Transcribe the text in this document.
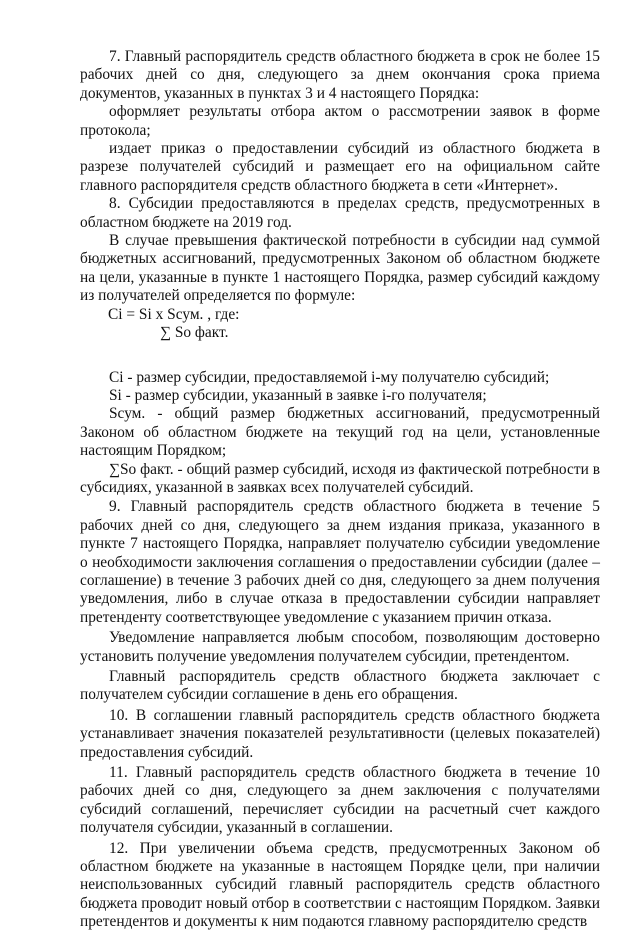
7. Главный распорядитель средств областного бюджета в срок не более 15 рабочих дней со дня, следующего за днем окончания срока приема документов, указанных в пунктах 3 и 4 настоящего Порядка:

оформляет результаты отбора актом о рассмотрении заявок в форме протокола;

издает приказ о предоставлении субсидий из областного бюджета в разрезе получателей субсидий и размещает его на официальном сайте главного распорядителя средств областного бюджета в сети «Интернет».

8. Субсидии предоставляются в пределах средств, предусмотренных в областном бюджете на 2019 год.

В случае превышения фактической потребности в субсидии над суммой бюджетных ассигнований, предусмотренных Законом об областном бюджете на цели, указанные в пункте 1 настоящего Порядка, размер субсидий каждому из получателей определяется по формуле:

Ci = Si x Sсум. , где:

∑ So факт.

Ci - размер субсидии, предоставляемой i-му получателю субсидий;

Si - размер субсидии, указанный в заявке i-го получателя;

Sсум. - общий размер бюджетных ассигнований, предусмотренный Законом об областном бюджете на текущий год на цели, установленные настоящим Порядком;

∑So факт. - общий размер субсидий, исходя из фактической потребности в субсидиях, указанной в заявках всех получателей субсидий.

9. Главный распорядитель средств областного бюджета в течение 5 рабочих дней со дня, следующего за днем издания приказа, указанного в пункте 7 настоящего Порядка, направляет получателю субсидии уведомление о необходимости заключения соглашения о предоставлении субсидии (далее – соглашение) в течение 3 рабочих дней со дня, следующего за днем получения уведомления, либо в случае отказа в предоставлении субсидии направляет претенденту соответствующее уведомление с указанием причин отказа.

Уведомление направляется любым способом, позволяющим достоверно установить получение уведомления получателем субсидии, претендентом.

Главный распорядитель средств областного бюджета заключает с получателем субсидии соглашение в день его обращения.

10. В соглашении главный распорядитель средств областного бюджета устанавливает значения показателей результативности (целевых показателей) предоставления субсидий.

11. Главный распорядитель средств областного бюджета в течение 10 рабочих дней со дня, следующего за днем заключения с получателями субсидий соглашений, перечисляет субсидии на расчетный счет каждого получателя субсидии, указанный в соглашении.

12. При увеличении объема средств, предусмотренных Законом об областном бюджете на указанные в настоящем Порядке цели, при наличии неиспользованных субсидий главный распорядитель средств областного бюджета проводит новый отбор в соответствии с настоящим Порядком. Заявки претендентов и документы к ним подаются главному распорядителю средств
